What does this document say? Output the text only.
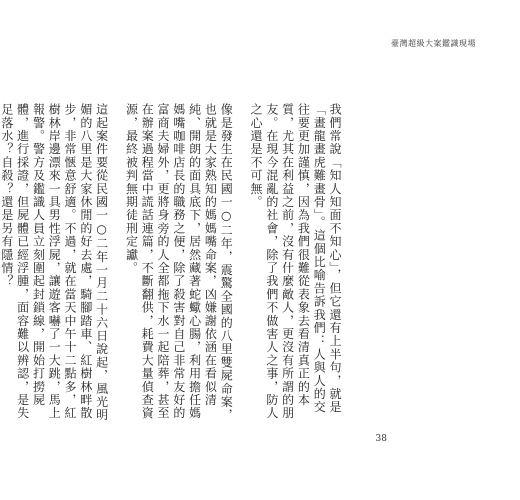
臺灣超級大案鑑識現場
我們常說「知人知面不知心」，但它還有上半句，就是「畫龍畫虎難畫骨」。這個比喻告訴我們：人與人的交往要更加謹慎，因為我們很難從表象去看清真正的本質，尤其在利益之前，沒有什麼敵人，更沒有所謂的朋友。在現今混亂的社會，除了我們不做害人之事，防人之心還是不可無。
像是發生在民國一○二年，震驚全國的八里雙屍命案，也就是大家熟知的媽媽嘴命案，凶嫌謝依涵在看似清純、開朗的面具底下，居然藏著蛇蠍心腸，利用擔任媽媽嘴咖啡店長的職務之便，除了殺害對自己非常友好的富商夫婦外，更將身旁的人全都拖下水一起陪葬，甚至在辦案過程當中謊話連篇，不斷翻供，耗費大量偵查資源，最終被判無期徒刑定讞。
這起案件要從民國一○二年一月二十六日說起，風光明媚的八里是大家休閒的好去處，騎腳踏車、紅樹林畔散步，非常愜意舒適。不過，就在當天中午十二點多，紅樹林岸邊漂來一具男性浮屍，讓遊客嚇了一大跳，馬上報警。警方及鑑識人員立刻圍起封鎖線，開始打撈屍體，進行採證，但屍體已經浮腫，面容難以辨認，是失足落水？自殺？還是另有隱情？
38
